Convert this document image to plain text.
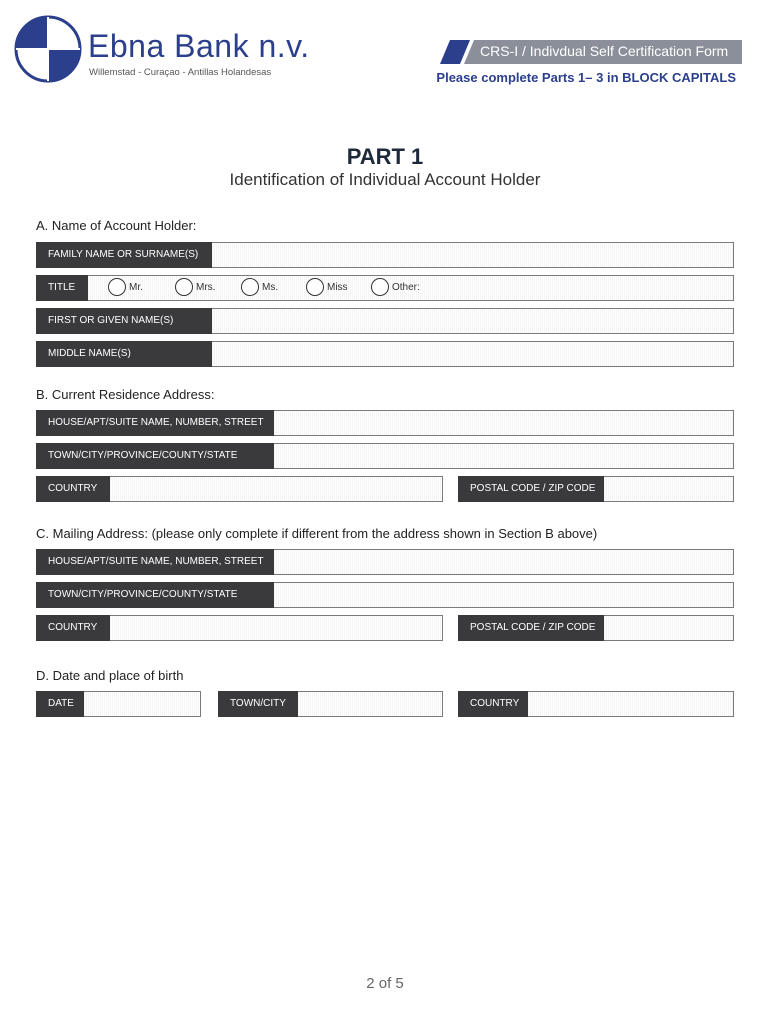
Ebna Bank n.v.
Willemstad - Curaçao - Antillas Holandesas
CRS-I / Indivdual Self Certification Form
Please complete Parts 1– 3 in BLOCK CAPITALS
PART 1
Identification of Individual Account Holder
A. Name of Account Holder:
FAMILY NAME OR SURNAME(S)
TITLE	Mr.	Mrs.	Ms.	Miss	Other:
FIRST OR GIVEN NAME(S)
MIDDLE NAME(S)
B. Current Residence Address:
HOUSE/APT/SUITE NAME, NUMBER, STREET
TOWN/CITY/PROVINCE/COUNTY/STATE
COUNTRY	POSTAL CODE / ZIP CODE
C. Mailing Address: (please only complete if different from the address shown in Section B above)
HOUSE/APT/SUITE NAME, NUMBER, STREET
TOWN/CITY/PROVINCE/COUNTY/STATE
COUNTRY	POSTAL CODE / ZIP CODE
D. Date and place of birth
DATE	TOWN/CITY	COUNTRY
2 of 5
